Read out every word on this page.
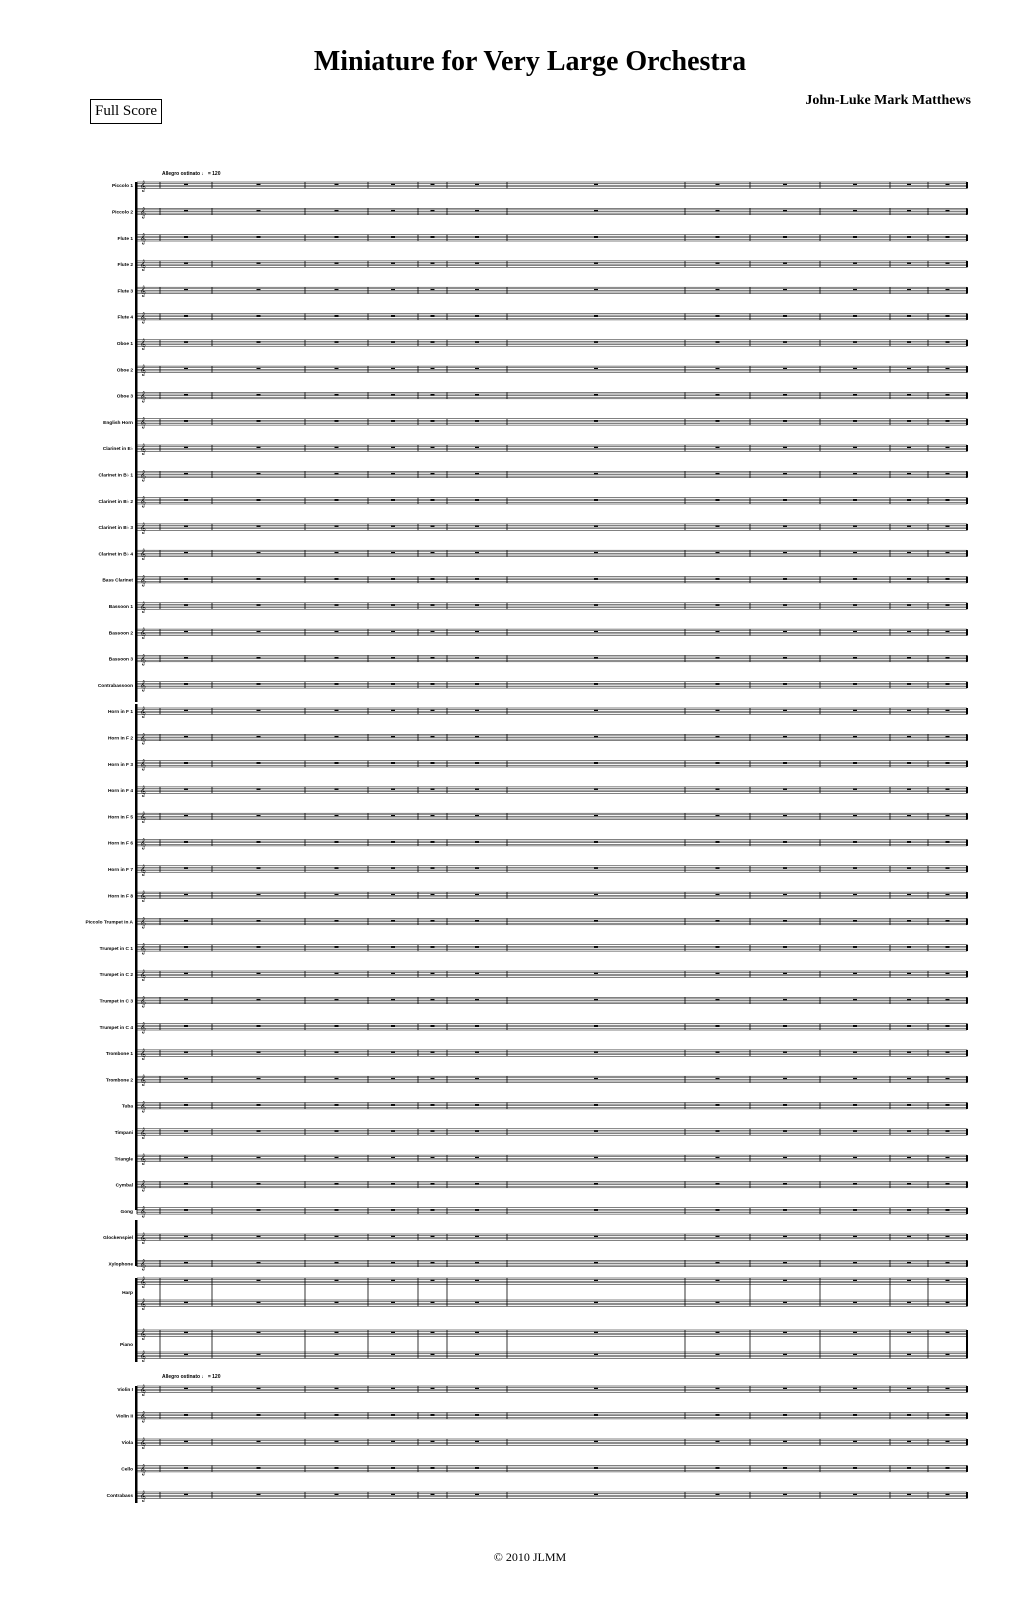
Miniature for Very Large Orchestra
John-Luke Mark Matthews
Full Score
Allegro ostinato ♩ = 120
Allegro ostinato ♩ = 120
𝄞
Piccolo 1
𝄞
Piccolo 2
𝄞
Flute 1
𝄞
Flute 2
𝄞
Flute 3
𝄞
Flute 4
𝄞
Oboe 1
𝄞
Oboe 2
𝄞
Oboe 3
𝄞
English Horn
𝄞
Clarinet in E♭
𝄞
Clarinet in B♭ 1
𝄞
Clarinet in B♭ 2
𝄞
Clarinet in B♭ 3
𝄞
Clarinet in B♭ 4
𝄞
Bass Clarinet
𝄞
Bassoon 1
𝄞
Bassoon 2
𝄞
Bassoon 3
𝄞
Contrabassoon
𝄞
Horn in F 1
𝄞
Horn in F 2
𝄞
Horn in F 3
𝄞
Horn in F 4
𝄞
Horn in F 5
𝄞
Horn in F 6
𝄞
Horn in F 7
𝄞
Horn in F 8
𝄞
Piccolo Trumpet in A
𝄞
Trumpet in C 1
𝄞
Trumpet in C 2
𝄞
Trumpet in C 3
𝄞
Trumpet in C 4
𝄞
Trombone 1
𝄞
Trombone 2
𝄞
Tuba
𝄞
Timpani
𝄞
Triangle
𝄞
Cymbal
𝄞
Gong
𝄞
Glockenspiel
𝄞
Xylophone
𝄞
𝄞
Harp
𝄞
𝄞
Piano
𝄞
Violin I
𝄞
Violin II
𝄞
Viola
𝄞
Cello
𝄞
Contrabass
© 2010 JLMM
